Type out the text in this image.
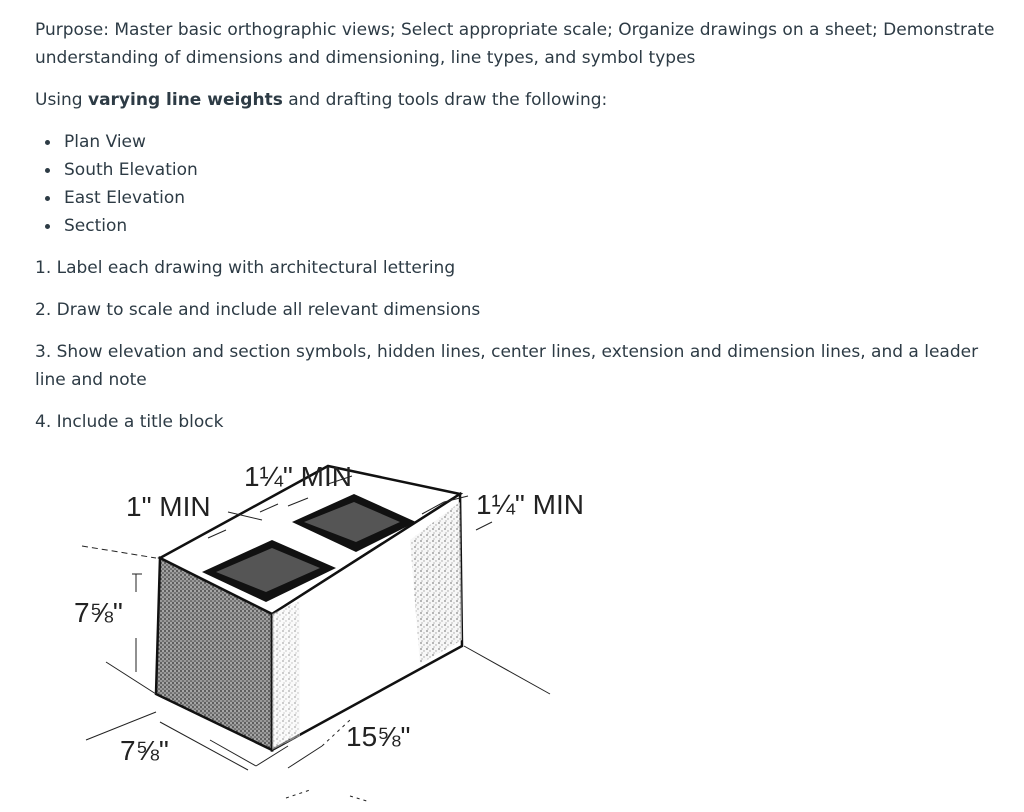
Purpose: Master basic orthographic views; Select appropriate scale; Organize drawings on a sheet; Demonstrate understanding of dimensions and dimensioning, line types, and symbol types

Using varying line weights and drafting tools draw the following:

Plan View
South Elevation
East Elevation
Section

1. Label each drawing with architectural lettering

2. Draw to scale and include all relevant dimensions

3. Show elevation and section symbols, hidden lines, center lines, extension and dimension lines, and a leader line and note

4. Include a title block

1¼" MIN
1" MIN	1¼" MIN
7⅝"
7⅝"	15⅝"
